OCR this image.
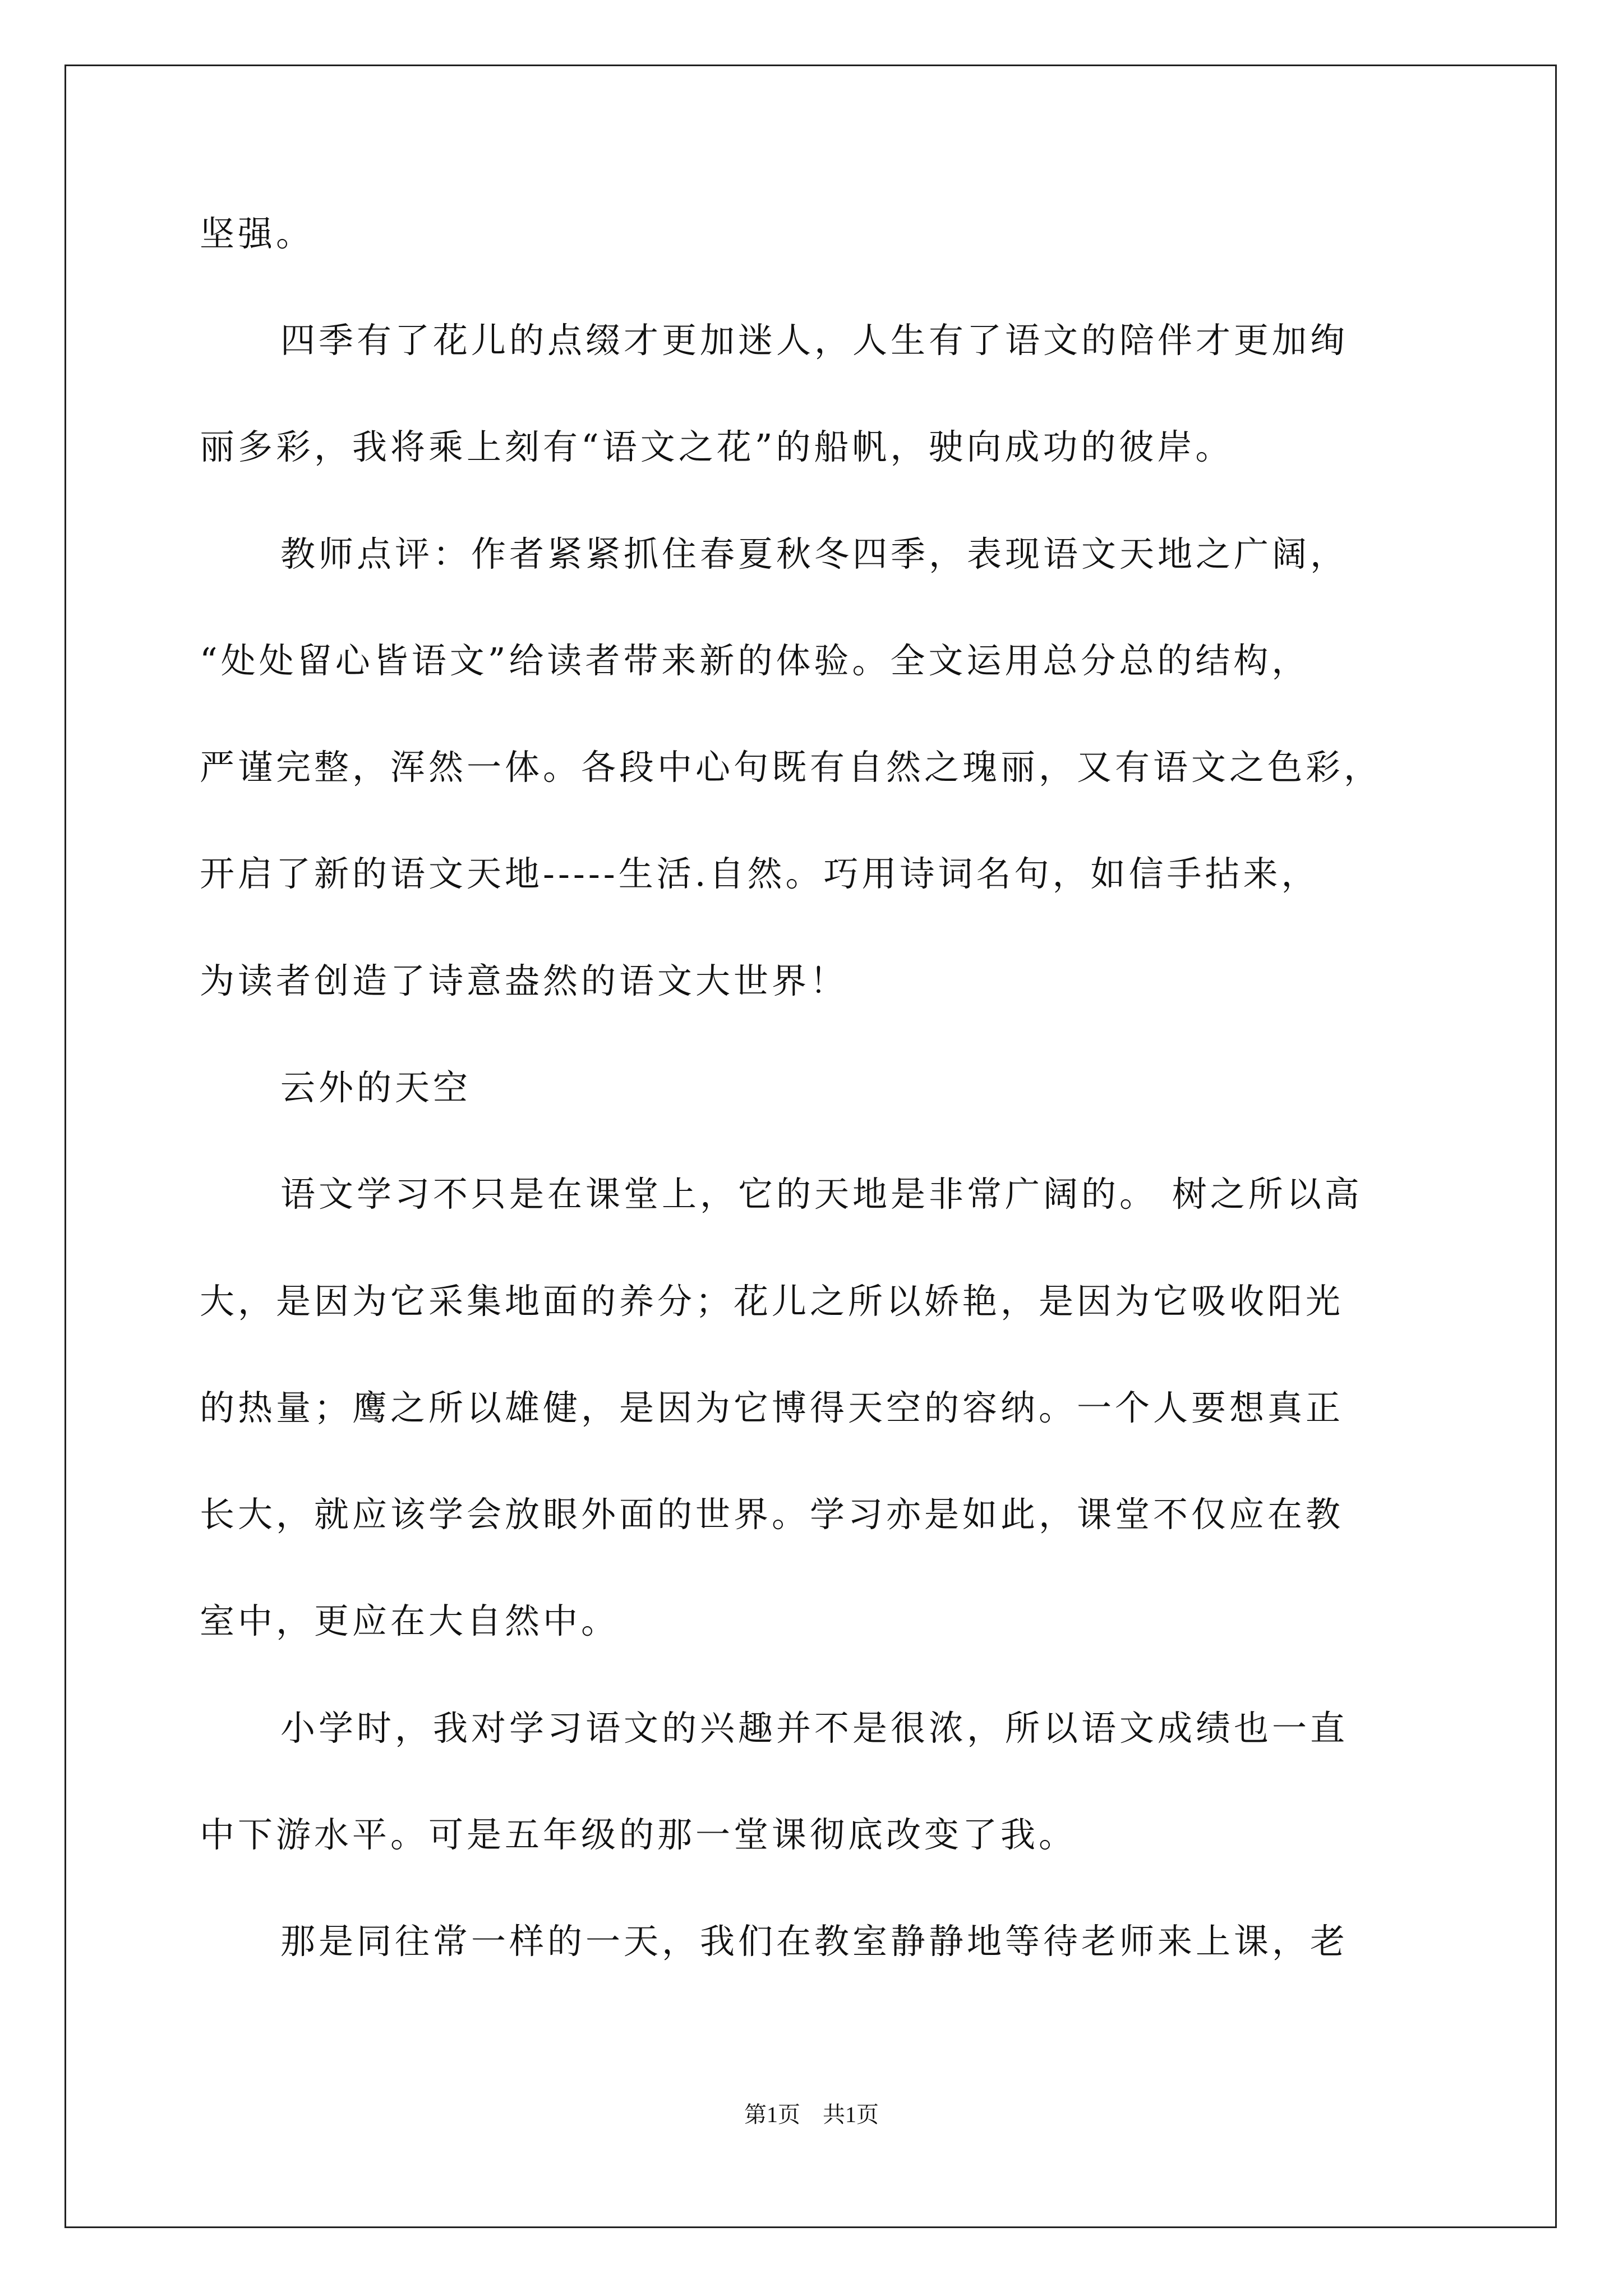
坚强。
四季有了花儿的点缀才更加迷人，人生有了语文的陪伴才更加绚
丽多彩，我将乘上刻有“语文之花”的船帆，驶向成功的彼岸。
教师点评：作者紧紧抓住春夏秋冬四季，表现语文天地之广阔，
“处处留心皆语文”给读者带来新的体验。全文运用总分总的结构，
严谨完整，浑然一体。各段中心句既有自然之瑰丽，又有语文之色彩，
开启了新的语文天地-----生活.自然。巧用诗词名句，如信手拈来，
为读者创造了诗意盎然的语文大世界！
云外的天空
语文学习不只是在课堂上，它的天地是非常广阔的。 树之所以高
大，是因为它采集地面的养分；花儿之所以娇艳，是因为它吸收阳光
的热量；鹰之所以雄健，是因为它博得天空的容纳。一个人要想真正
长大，就应该学会放眼外面的世界。学习亦是如此，课堂不仅应在教
室中，更应在大自然中。
小学时，我对学习语文的兴趣并不是很浓，所以语文成绩也一直
中下游水平。可是五年级的那一堂课彻底改变了我。
那是同往常一样的一天，我们在教室静静地等待老师来上课，老
第1页　共1页
